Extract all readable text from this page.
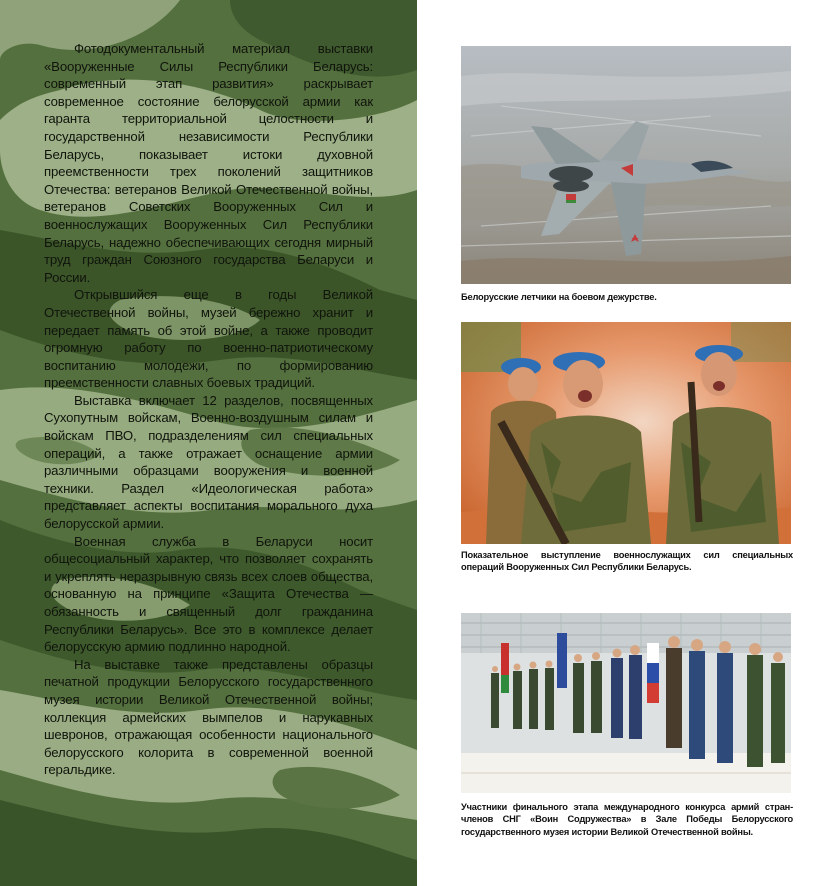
Фотодокументальный материал выставки «Вооруженные Силы Республики Беларусь: современный этап развития» раскрывает современное состояние белорусской армии как гаранта территориальной целостности и государственной независимости Республики Беларусь, показывает истоки духовной преемственности трех поколений защитников Отечества: ветеранов Великой Отечественной войны, ветеранов Советских Вооруженных Сил и военнослужащих Вооруженных Сил Республики Беларусь, надежно обеспечивающих сегодня мирный труд граждан Союзного государства Беларуси и России.

Открывшийся еще в годы Великой Отечественной войны, музей бережно хранит и передает память об этой войне, а также проводит огромную работу по военно-патриотическому воспитанию молодежи, по формированию преемственности славных боевых традиций.

Выставка включает 12 разделов, посвященных Сухопутным войскам, Военно-воздушным силам и войскам ПВО, подразделениям сил специальных операций, а также отражает оснащение армии различными образцами вооружения и военной техники. Раздел «Идеологическая работа» представляет аспекты воспитания морального духа белорусской армии.

Военная служба в Беларуси носит общесоциальный характер, что позволяет сохранять и укреплять неразрывную связь всех слоев общества, основанную на принципе «Защита Отечества — обязанность и священный долг гражданина Республики Беларусь». Все это в комплексе делает белорусскую армию подлинно народной.

На выставке также представлены образцы печатной продукции Белорусского государственного музея истории Великой Отечественной войны; коллекция армейских вымпелов и нарукавных шевронов, отражающая особенности национального белорусского колорита в современной военной геральдике.

Белорусские летчики на боевом дежурстве.
Показательное выступление военнослужащих сил специальных операций Вооруженных Сил Республики Беларусь.
Участники финального этапа международного конкурса армий стран-членов СНГ «Воин Содружества» в Зале Победы Белорусского государственного музея истории Великой Отечественной войны.
